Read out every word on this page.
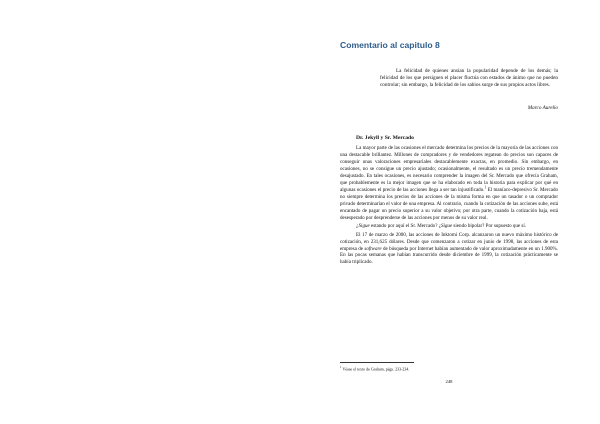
Comentario al capitulo 8
La felicidad de quienes ansían la popularidad depende de los demás; la felicidad de los que persiguen el placer fluctúa con estados de ánimo que no pueden controlar; sin embargo, la felicidad de los sabios surge de sus propios actos libres.
Marco Aurelio
Dr. Jekyll y Sr. Mercado

La mayor parte de las ocasiones el mercado determina los precios de la mayoría de las acciones con una destacable brillantez. Millones de compradores y de vendedores regatean do precios son capaces de conseguir unas valoraciones empresariales destacablemente exactas, en promedio. Sin embargo, en ocasiones, no se consigue un precio ajustado; ocasionalmente, el resultado es un precio tremendamente desajustado. En tales ocasiones, es necesario comprender la imagen del Sr. Mercado que ofrecía Graham, que probablemente es la mejor imagen que se ha elaborado en toda la historia para explicar por qué en algunas ocasiones el precio de las acciones llega a ser tan injustificado.$^1$ El maníaco-depresivo Sr. Mercado no siempre determina los precios de las acciones de la misma forma en que un tasador o un comprador privado determinarían el valor de una empresa. Al contrario, cuando la cotización de las acciones sube, está encantado de pagar un precio superior a su valor objetivo; por otra parte, cuando la cotización baja, está desesperado por desprenderse de las acciones por menos de su valor real.

¿Sigue estando por aquí el Sr. Mercado? ¿Sigue siendo bipolar? Por supuesto que sí.

El 17 de marzo de 2000, las acciones de Inktomi Corp. alcanzaron un nuevo máximo histórico de cotización, en 231,625 dólares. Desde que comenzaron a cotizar en junio de 1998, las acciones de esta empresa de software de búsqueda por Internet habían aumentado de valor aproximadamente en un 1.900%. En las pocas semanas que habían transcurrido desde diciembre de 1999, la cotización prácticamente se había triplicado.

$^1$ Véase el texto de Graham, págs. 233-234.
248
